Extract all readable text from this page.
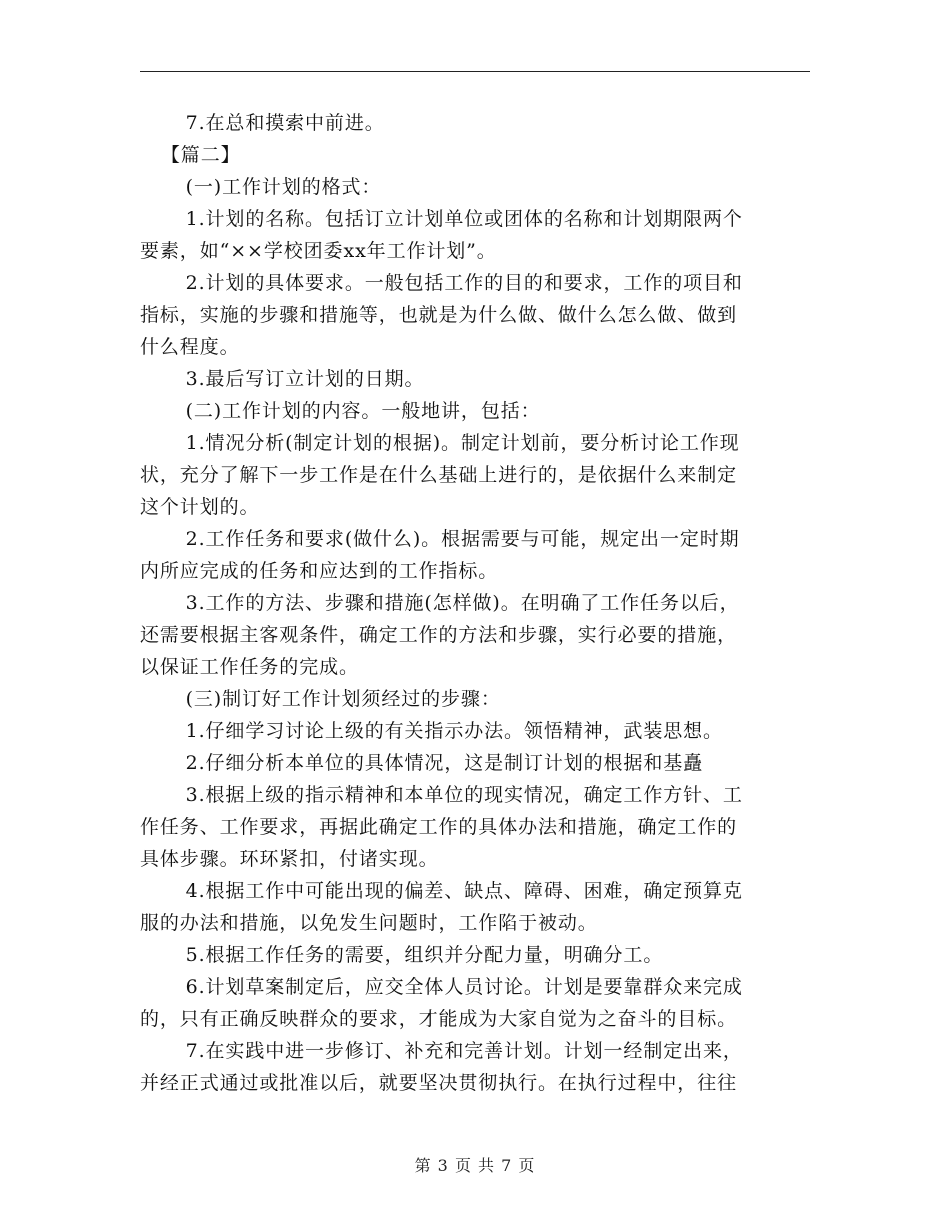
7.在总和摸索中前进。

【篇二】

(一)工作计划的格式：

1.计划的名称。包括订立计划单位或团体的名称和计划期限两个
要素，如“××学校团委xx年工作计划”。

2.计划的具体要求。一般包括工作的目的和要求，工作的项目和
指标，实施的步骤和措施等，也就是为什么做、做什么怎么做、做到
什么程度。

3.最后写订立计划的日期。

(二)工作计划的内容。一般地讲，包括：

1.情况分析(制定计划的根据)。制定计划前，要分析讨论工作现
状，充分了解下一步工作是在什么基础上进行的，是依据什么来制定
这个计划的。

2.工作任务和要求(做什么)。根据需要与可能，规定出一定时期
内所应完成的任务和应达到的工作指标。

3.工作的方法、步骤和措施(怎样做)。在明确了工作任务以后，
还需要根据主客观条件，确定工作的方法和步骤，实行必要的措施，
以保证工作任务的完成。

(三)制订好工作计划须经过的步骤：

1.仔细学习讨论上级的有关指示办法。领悟精神，武装思想。

2.仔细分析本单位的具体情况，这是制订计划的根据和基矗

3.根据上级的指示精神和本单位的现实情况，确定工作方针、工
作任务、工作要求，再据此确定工作的具体办法和措施，确定工作的
具体步骤。环环紧扣，付诸实现。

4.根据工作中可能出现的偏差、缺点、障碍、困难，确定预算克
服的办法和措施，以免发生问题时，工作陷于被动。

5.根据工作任务的需要，组织并分配力量，明确分工。

6.计划草案制定后，应交全体人员讨论。计划是要靠群众来完成
的，只有正确反映群众的要求，才能成为大家自觉为之奋斗的目标。

7.在实践中进一步修订、补充和完善计划。计划一经制定出来，
并经正式通过或批准以后，就要坚决贯彻执行。在执行过程中，往往

第 3 页 共 7 页
